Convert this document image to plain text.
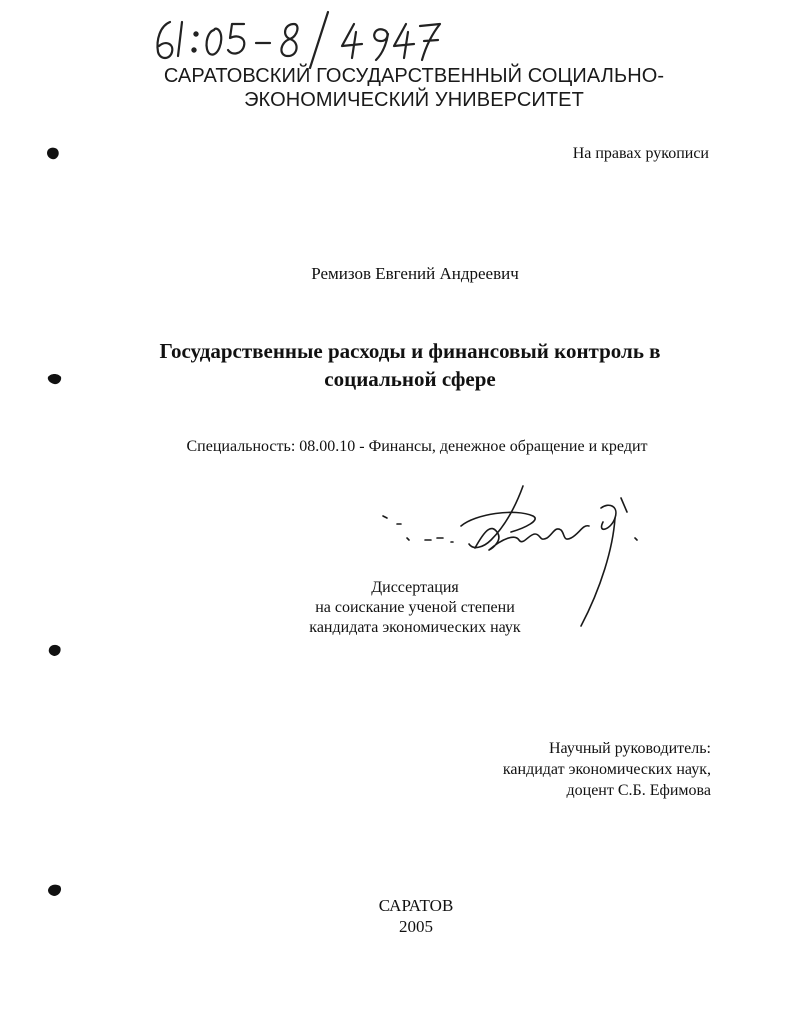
САРАТОВСКИЙ ГОСУДАРСТВЕННЫЙ СОЦИАЛЬНО-
ЭКОНОМИЧЕСКИЙ УНИВЕРСИТЕТ
На правах рукописи
Ремизов Евгений Андреевич
Государственные расходы и финансовый контроль в
социальной сфере
Специальность: 08.00.10 - Финансы, денежное обращение и кредит
Диссертация
на соискание ученой степени
кандидата экономических наук
Научный руководитель:
кандидат экономических наук,
доцент С.Б. Ефимова
САРАТОВ
2005
